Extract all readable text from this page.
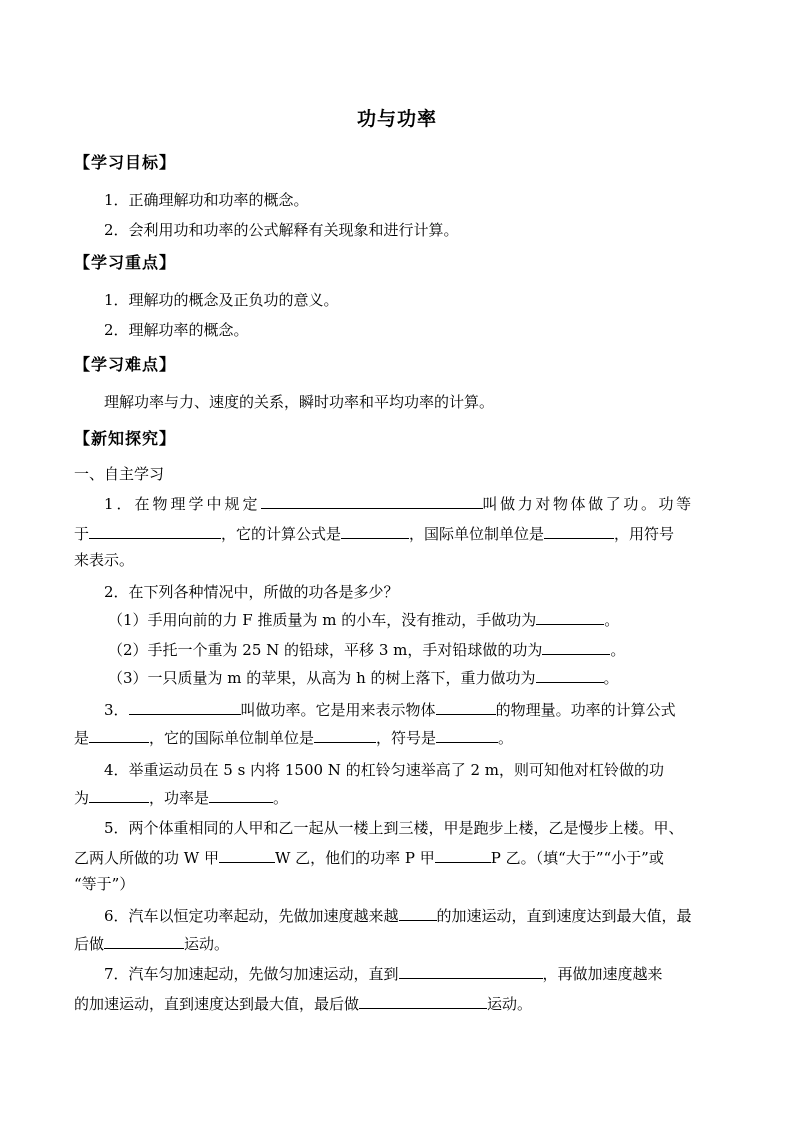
功与功率
【学习目标】
1．正确理解功和功率的概念。
2．会利用功和功率的公式解释有关现象和进行计算。
【学习重点】
1．理解功的概念及正负功的意义。
2．理解功率的概念。
【学习难点】
理解功率与力、速度的关系，瞬时功率和平均功率的计算。
【新知探究】
一、自主学习
1．在物理学中规定	叫做力对物体做了功。功等
于	，它的计算公式是	，国际单位制单位是	，用符号
来表示。
2．在下列各种情况中，所做的功各是多少？
（1）手用向前的力 F 推质量为 m 的小车，没有推动，手做功为	。
（2）手托一个重为 25 N 的铅球，平移 3 m，手对铅球做的功为	。
（3）一只质量为 m 的苹果，从高为 h 的树上落下，重力做功为	。
3．	叫做功率。它是用来表示物体	的物理量。功率的计算公式
是	，它的国际单位制单位是	，符号是	。
4．举重运动员在 5 s 内将 1500 N 的杠铃匀速举高了 2 m，则可知他对杠铃做的功
为	，功率是	。
5．两个体重相同的人甲和乙一起从一楼上到三楼，甲是跑步上楼，乙是慢步上楼。甲、
乙两人所做的功 W 甲	W 乙，他们的功率 P 甲	P 乙。（填“大于”“小于”或
“等于”）
6．汽车以恒定功率起动，先做加速度越来越	的加速运动，直到速度达到最大值，最
后做	运动。
7．汽车匀加速起动，先做匀加速运动，直到	，再做加速度越来
的加速运动，直到速度达到最大值，最后做	运动。
